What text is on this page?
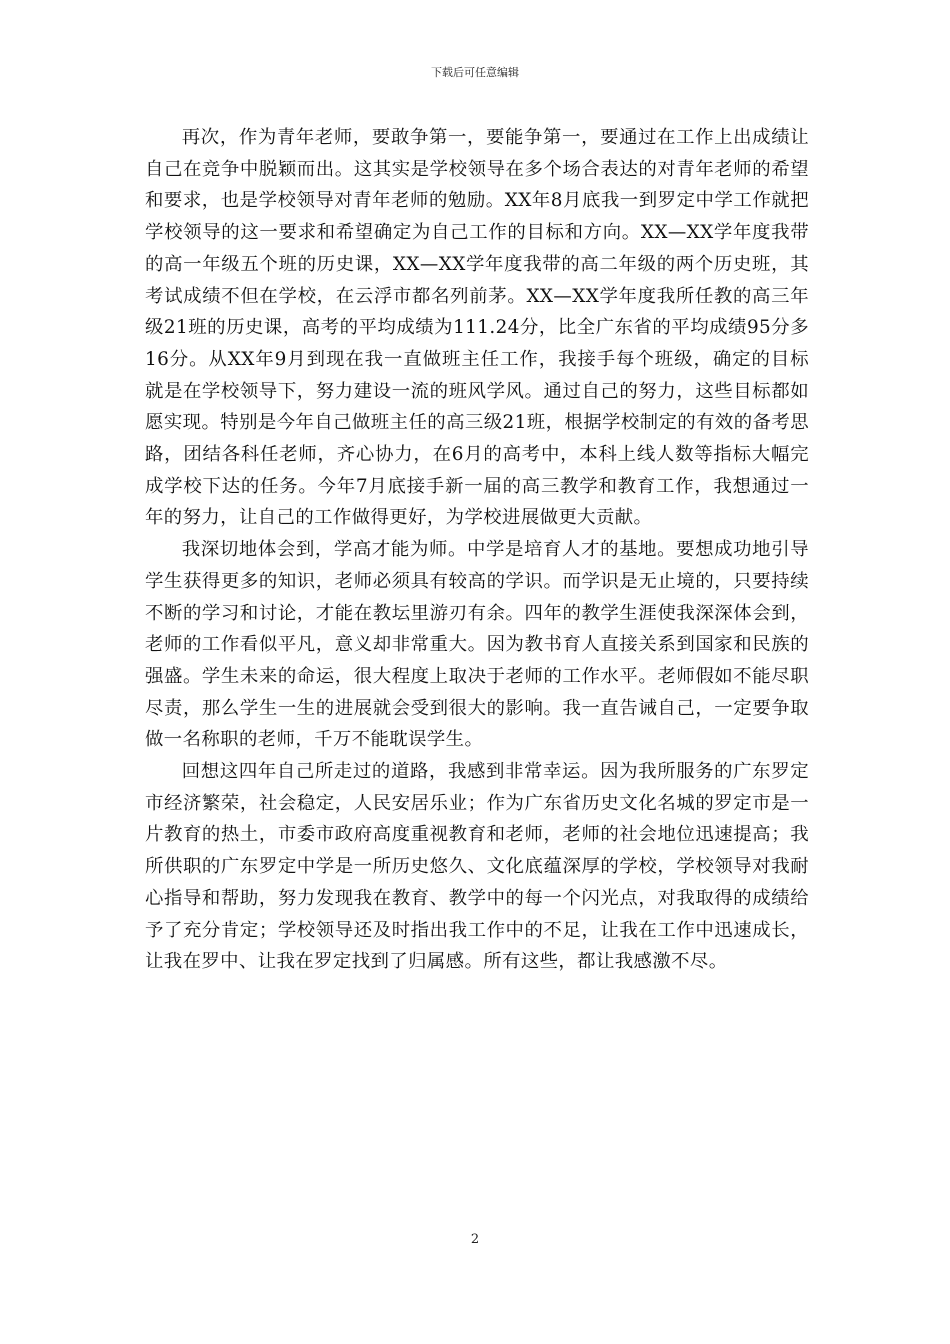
下载后可任意编辑

再次，作为青年老师，要敢争第一，要能争第一，要通过在工作上出成绩让自己在竞争中脱颖而出。这其实是学校领导在多个场合表达的对青年老师的希望和要求，也是学校领导对青年老师的勉励。XX年8月底我一到罗定中学工作就把学校领导的这一要求和希望确定为自己工作的目标和方向。XX—XX学年度我带的高一年级五个班的历史课，XX—XX学年度我带的高二年级的两个历史班，其考试成绩不但在学校，在云浮市都名列前茅。XX—XX学年度我所任教的高三年级21班的历史课，高考的平均成绩为111.24分，比全广东省的平均成绩95分多16分。从XX年9月到现在我一直做班主任工作，我接手每个班级，确定的目标就是在学校领导下，努力建设一流的班风学风。通过自己的努力，这些目标都如愿实现。特别是今年自己做班主任的高三级21班，根据学校制定的有效的备考思路，团结各科任老师，齐心协力，在6月的高考中，本科上线人数等指标大幅完成学校下达的任务。今年7月底接手新一届的高三教学和教育工作，我想通过一年的努力，让自己的工作做得更好，为学校进展做更大贡献。

我深切地体会到，学高才能为师。中学是培育人才的基地。要想成功地引导学生获得更多的知识，老师必须具有较高的学识。而学识是无止境的，只要持续不断的学习和讨论，才能在教坛里游刃有余。四年的教学生涯使我深深体会到，老师的工作看似平凡，意义却非常重大。因为教书育人直接关系到国家和民族的强盛。学生未来的命运，很大程度上取决于老师的工作水平。老师假如不能尽职尽责，那么学生一生的进展就会受到很大的影响。我一直告诫自己，一定要争取做一名称职的老师，千万不能耽误学生。

回想这四年自己所走过的道路，我感到非常幸运。因为我所服务的广东罗定市经济繁荣，社会稳定，人民安居乐业；作为广东省历史文化名城的罗定市是一片教育的热土，市委市政府高度重视教育和老师，老师的社会地位迅速提高；我所供职的广东罗定中学是一所历史悠久、文化底蕴深厚的学校，学校领导对我耐心指导和帮助，努力发现我在教育、教学中的每一个闪光点，对我取得的成绩给予了充分肯定；学校领导还及时指出我工作中的不足，让我在工作中迅速成长，让我在罗中、让我在罗定找到了归属感。所有这些，都让我感激不尽。

2
